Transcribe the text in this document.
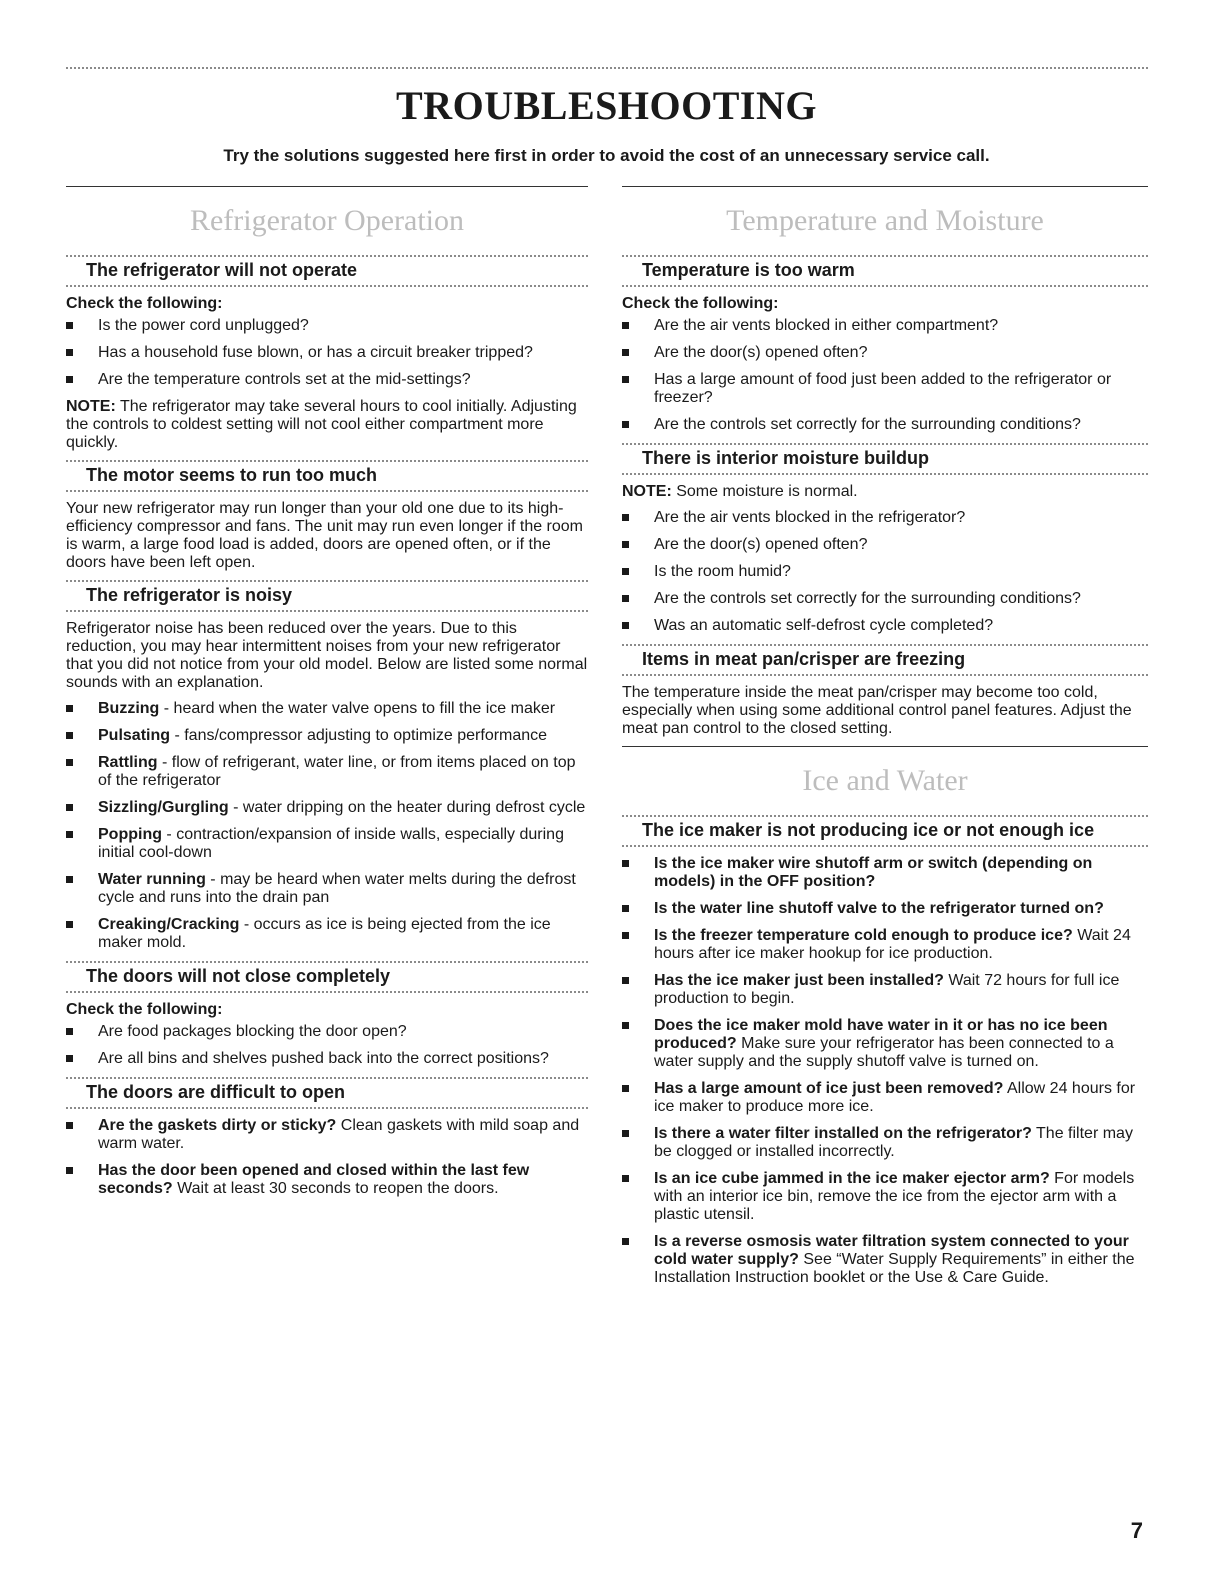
TROUBLESHOOTING
Try the solutions suggested here first in order to avoid the cost of an unnecessary service call.
Refrigerator Operation
The refrigerator will not operate
Check the following:
Is the power cord unplugged?
Has a household fuse blown, or has a circuit breaker tripped?
Are the temperature controls set at the mid-settings?

NOTE: The refrigerator may take several hours to cool initially. Adjusting the controls to coldest setting will not cool either compartment more quickly.

The motor seems to run too much

Your new refrigerator may run longer than your old one due to its high-efficiency compressor and fans. The unit may run even longer if the room is warm, a large food load is added, doors are opened often, or if the doors have been left open.

The refrigerator is noisy

Refrigerator noise has been reduced over the years. Due to this reduction, you may hear intermittent noises from your new refrigerator that you did not notice from your old model. Below are listed some normal sounds with an explanation.

Buzzing - heard when the water valve opens to fill the ice maker
Pulsating - fans/compressor adjusting to optimize performance
Rattling - flow of refrigerant, water line, or from items placed on top of the refrigerator
Sizzling/Gurgling - water dripping on the heater during defrost cycle
Popping - contraction/expansion of inside walls, especially during initial cool-down
Water running - may be heard when water melts during the defrost cycle and runs into the drain pan
Creaking/Cracking - occurs as ice is being ejected from the ice maker mold.
The doors will not close completely
Check the following:
Are food packages blocking the door open?
Are all bins and shelves pushed back into the correct positions?
The doors are difficult to open
Are the gaskets dirty or sticky? Clean gaskets with mild soap and warm water.
Has the door been opened and closed within the last few seconds? Wait at least 30 seconds to reopen the doors.
Temperature and Moisture
Temperature is too warm
Check the following:
Are the air vents blocked in either compartment?
Are the door(s) opened often?
Has a large amount of food just been added to the refrigerator or freezer?
Are the controls set correctly for the surrounding conditions?
There is interior moisture buildup

NOTE: Some moisture is normal.

Are the air vents blocked in the refrigerator?
Are the door(s) opened often?
Is the room humid?
Are the controls set correctly for the surrounding conditions?
Was an automatic self-defrost cycle completed?
Items in meat pan/crisper are freezing

The temperature inside the meat pan/crisper may become too cold, especially when using some additional control panel features. Adjust the meat pan control to the closed setting.

Ice and Water
The ice maker is not producing ice or not enough ice
Is the ice maker wire shutoff arm or switch (depending on models) in the OFF position?
Is the water line shutoff valve to the refrigerator turned on?
Is the freezer temperature cold enough to produce ice? Wait 24 hours after ice maker hookup for ice production.
Has the ice maker just been installed? Wait 72 hours for full ice production to begin.
Does the ice maker mold have water in it or has no ice been produced? Make sure your refrigerator has been connected to a water supply and the supply shutoff valve is turned on.
Has a large amount of ice just been removed? Allow 24 hours for ice maker to produce more ice.
Is there a water filter installed on the refrigerator? The filter may be clogged or installed incorrectly.
Is an ice cube jammed in the ice maker ejector arm? For models with an interior ice bin, remove the ice from the ejector arm with a plastic utensil.
Is a reverse osmosis water filtration system connected to your cold water supply? See “Water Supply Requirements” in either the Installation Instruction booklet or the Use & Care Guide.
7
